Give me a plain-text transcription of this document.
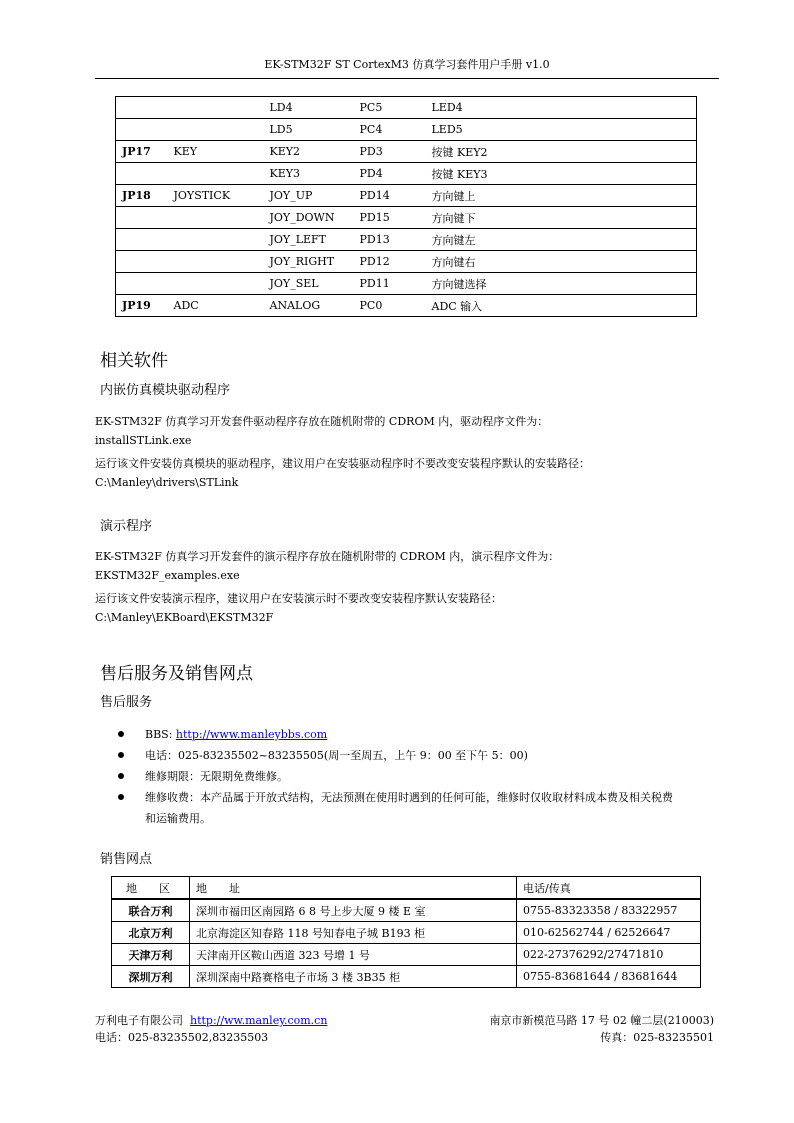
EK-STM32F ST CortexM3 仿真学习套件用户手册 v1.0
		LD4	PC5	LED4
		LD5	PC4	LED5
JP17	KEY	KEY2	PD3	按键 KEY2
		KEY3	PD4	按键 KEY3
JP18	JOYSTICK	JOY_UP	PD14	方向键上
		JOY_DOWN	PD15	方向键下
		JOY_LEFT	PD13	方向键左
		JOY_RIGHT	PD12	方向键右
		JOY_SEL	PD11	方向键选择
JP19	ADC	ANALOG	PC0	ADC 输入
相关软件
内嵌仿真模块驱动程序
EK-STM32F 仿真学习开发套件驱动程序存放在随机附带的 CDROM 内，驱动程序文件为：
installSTLink.exe
运行该文件安装仿真模块的驱动程序，建议用户在安装驱动程序时不要改变安装程序默认的安装路径：
C:\Manley\drivers\STLink
演示程序
EK-STM32F 仿真学习开发套件的演示程序存放在随机附带的 CDROM 内，演示程序文件为：
EKSTM32F_examples.exe
运行该文件安装演示程序，建议用户在安装演示时不要改变安装程序默认安装路径：
C:\Manley\EKBoard\EKSTM32F
售后服务及销售网点
售后服务
BBS: http://www.manleybbs.com
电话：025-83235502~83235505(周一至周五，上午 9：00 至下午 5：00)
维修期限：无限期免费维修。
维修收费：本产品属于开放式结构，无法预测在使用时遇到的任何可能，维修时仅收取材料成本费及相关税费
和运输费用。
销售网点
地　　区	地　　址	电话/传真
联合万利	深圳市福田区南园路 6 8 号上步大厦 9 楼 E 室	0755-83323358 / 83322957
北京万利	北京海淀区知春路 118 号知春电子城 B193 柜	010-62562744 / 62526647
天津万利	天津南开区鞍山西道 323 号增 1 号	022-27376292/27471810
深圳万利	深圳深南中路赛格电子市场 3 楼 3B35 柜	0755-83681644 / 83681644
万利电子有限公司 http://ww.manley.com.cn	南京市新模范马路 17 号 02 幢二层(210003)
电话：025-83235502,83235503	传真：025-83235501
